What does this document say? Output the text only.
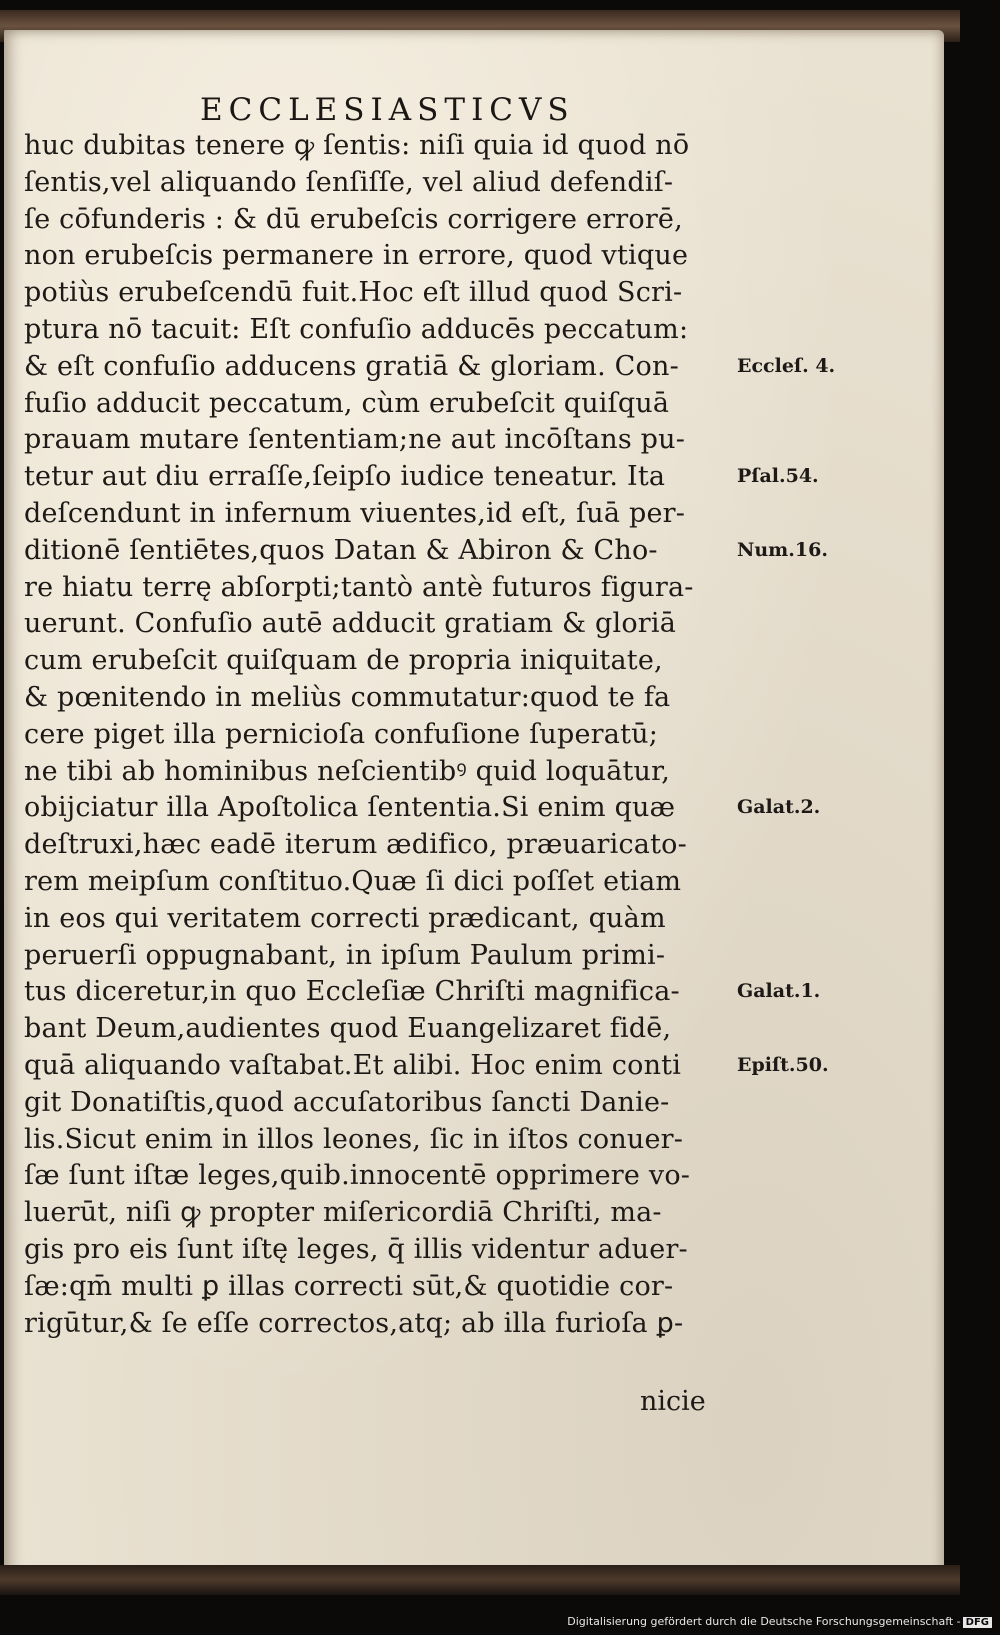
ECCLESIASTICVS
huc dubitas tenere ꝙ ſentis: niſi quia id quod nō
ſentis,vel aliquando ſenſiſſe, vel aliud defendiſ-
ſe cōfunderis : & dū erubeſcis corrigere errorē,
non erubeſcis permanere in errore, quod vtique
potiùs erubeſcendū fuit.Hoc eſt illud quod Scri-
ptura nō tacuit: Eſt confuſio adducēs peccatum:
& eſt confuſio adducens gratiā & gloriam. Con-
fuſio adducit peccatum, cùm erubeſcit quiſquā
prauam mutare ſententiam;ne aut incōſtans pu-
tetur aut diu erraſſe,ſeipſo iudice teneatur. Ita
deſcendunt in infernum viuentes,id eſt, ſuā per-
ditionē ſentiētes,quos Datan & Abiron & Cho-
re hiatu terrę abſorpti;tantò antè futuros figura-
uerunt. Confuſio autē adducit gratiam & gloriā
cum erubeſcit quiſquam de propria iniquitate,
& pœnitendo in meliùs commutatur:quod te fa
cere piget illa pernicioſa confuſione ſuperatū;
ne tibi ab hominibus neſcientibꝰ quid loquātur,
obijciatur illa Apoſtolica ſententia.Si enim quæ
deſtruxi,hæc eadē iterum ædifico, præuaricato-
rem meipſum conſtituo.Quæ ſi dici poſſet etiam
in eos qui veritatem correcti prædicant, quàm
peruerſi oppugnabant, in ipſum Paulum primi-
tus diceretur,in quo Eccleſiæ Chriſti magnifica-
bant Deum,audientes quod Euangelizaret fidē,
quā aliquando vaſtabat.Et alibi. Hoc enim conti
git Donatiſtis,quod accuſatoribus ſancti Danie-
lis.Sicut enim in illos leones, ſic in iſtos conuer-
ſæ ſunt iſtæ leges,quib.innocentē opprimere vo-
luerūt, niſi ꝙ propter miſericordiā Chriſti, ma-
gis pro eis ſunt iſtę leges, q̄ illis videntur aduer-
ſæ:qm̄ multi ꝑ illas correcti sūt,& quotidie cor-
rigūtur,& ſe eſſe correctos,atq; ab illa furioſa ꝑ-
Eccleſ. 4.
Pſal.54.
Num.16.
Galat.2.
Galat.1.
Epiſt.50.
nicie
Digitalisierung gefördert durch die Deutsche Forschungsgemeinschaft - DFG
